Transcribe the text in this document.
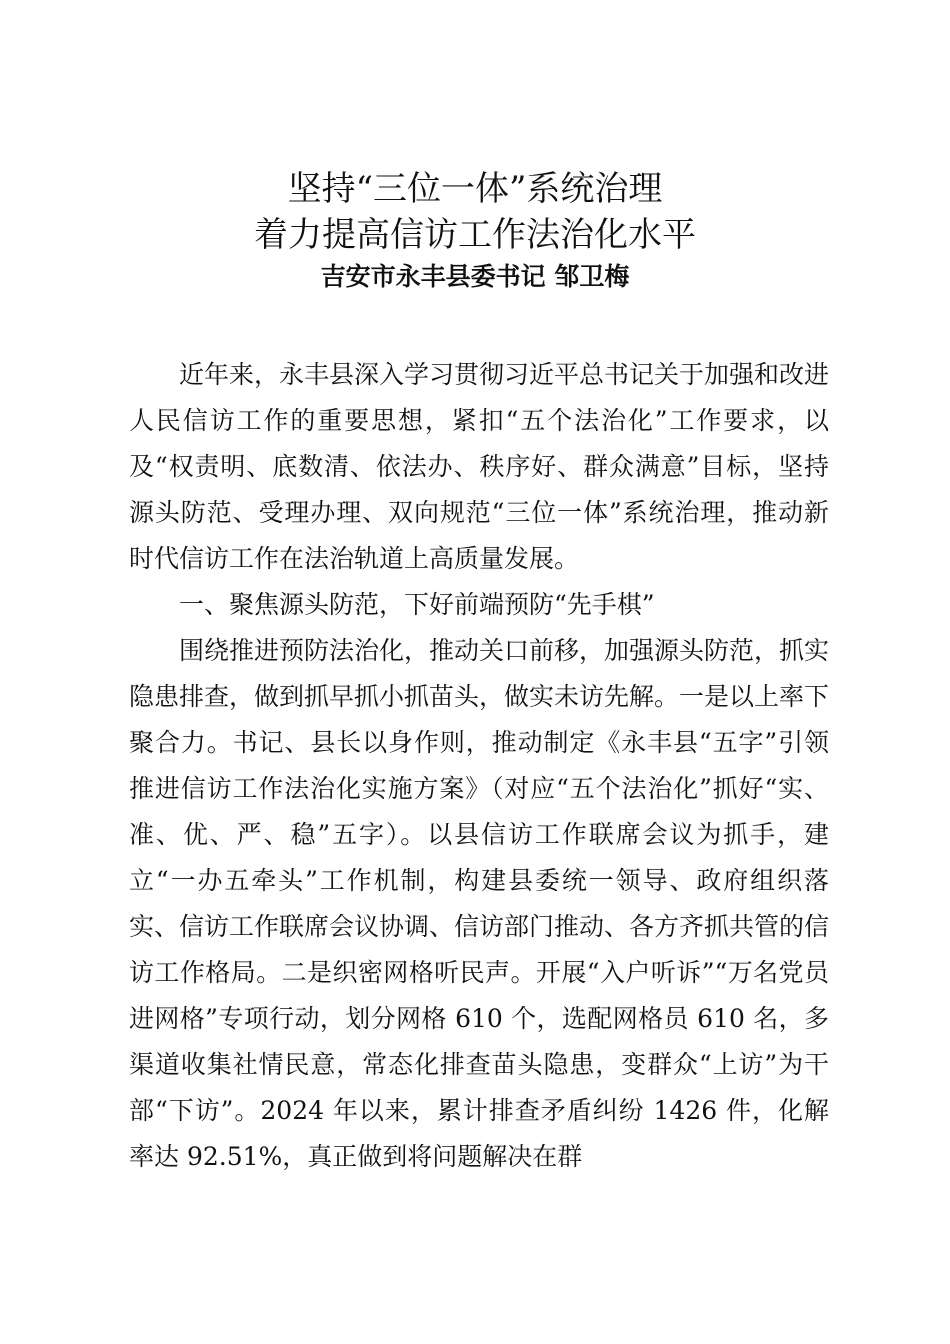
坚持“三位一体”系统治理
着力提高信访工作法治化水平
吉安市永丰县委书记 邹卫梅

近年来，永丰县深入学习贯彻习近平总书记关于加强和改进人民信访工作的重要思想，紧扣“五个法治化”工作要求，以及“权责明、底数清、依法办、秩序好、群众满意”目标，坚持源头防范、受理办理、双向规范“三位一体”系统治理，推动新时代信访工作在法治轨道上高质量发展。

一、聚焦源头防范，下好前端预防“先手棋”

围绕推进预防法治化，推动关口前移，加强源头防范，抓实隐患排查，做到抓早抓小抓苗头，做实未访先解。一是以上率下聚合力。书记、县长以身作则，推动制定《永丰县“五字”引领推进信访工作法治化实施方案》（对应“五个法治化”抓好“实、准、优、严、稳”五字）。以县信访工作联席会议为抓手，建立“一办五牵头”工作机制，构建县委统一领导、政府组织落实、信访工作联席会议协调、信访部门推动、各方齐抓共管的信访工作格局。二是织密网格听民声。开展“入户听诉”“万名党员进网格”专项行动，划分网格 610 个，选配网格员 610 名，多渠道收集社情民意，常态化排查苗头隐患，变群众“上访”为干部“下访”。2024 年以来，累计排查矛盾纠纷 1426 件，化解率达 92.51%，真正做到将问题解决在群
